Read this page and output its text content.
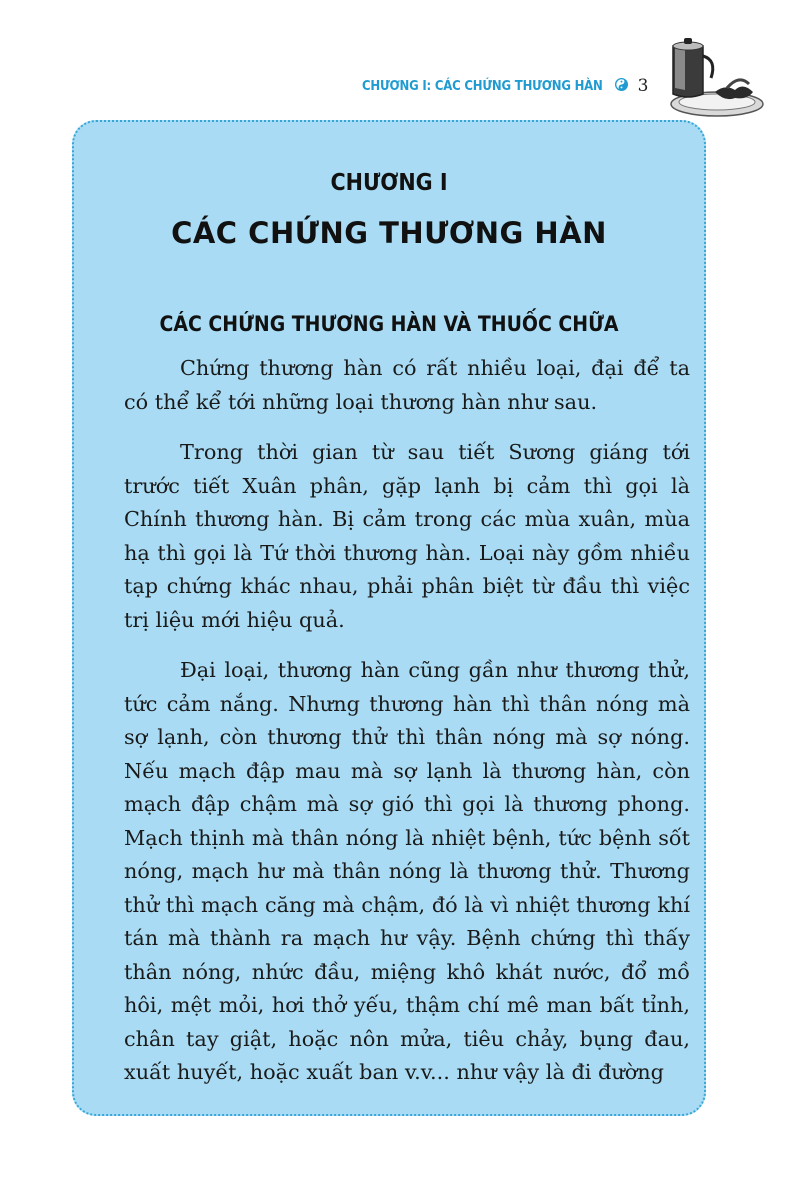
CHƯƠNG I: CÁC CHỨNG THƯƠNG HÀN 3
CHƯƠNG I
CÁC CHỨNG THƯƠNG HÀN
CÁC CHỨNG THƯƠNG HÀN VÀ THUỐC CHỮA

Chứng thương hàn có rất nhiều loại, đại để ta có thể kể tới những loại thương hàn như sau.

Trong thời gian từ sau tiết Sương giáng tới trước tiết Xuân phân, gặp lạnh bị cảm thì gọi là Chính thương hàn. Bị cảm trong các mùa xuân, mùa hạ thì gọi là Tứ thời thương hàn. Loại này gồm nhiều tạp chứng khác nhau, phải phân biệt từ đầu thì việc trị liệu mới hiệu quả.

Đại loại, thương hàn cũng gần như thương thử, tức cảm nắng. Nhưng thương hàn thì thân nóng mà sợ lạnh, còn thương thử thì thân nóng mà sợ nóng. Nếu mạch đập mau mà sợ lạnh là thương hàn, còn mạch đập chậm mà sợ gió thì gọi là thương phong. Mạch thịnh mà thân nóng là nhiệt bệnh, tức bệnh sốt nóng, mạch hư mà thân nóng là thương thử. Thương thử thì mạch căng mà chậm, đó là vì nhiệt thương khí tán mà thành ra mạch hư vậy. Bệnh chứng thì thấy thân nóng, nhức đầu, miệng khô khát nước, đổ mồ hôi, mệt mỏi, hơi thở yếu, thậm chí mê man bất tỉnh, chân tay giật, hoặc nôn mửa, tiêu chảy, bụng đau, xuất huyết, hoặc xuất ban v.v... như vậy là đi đường
